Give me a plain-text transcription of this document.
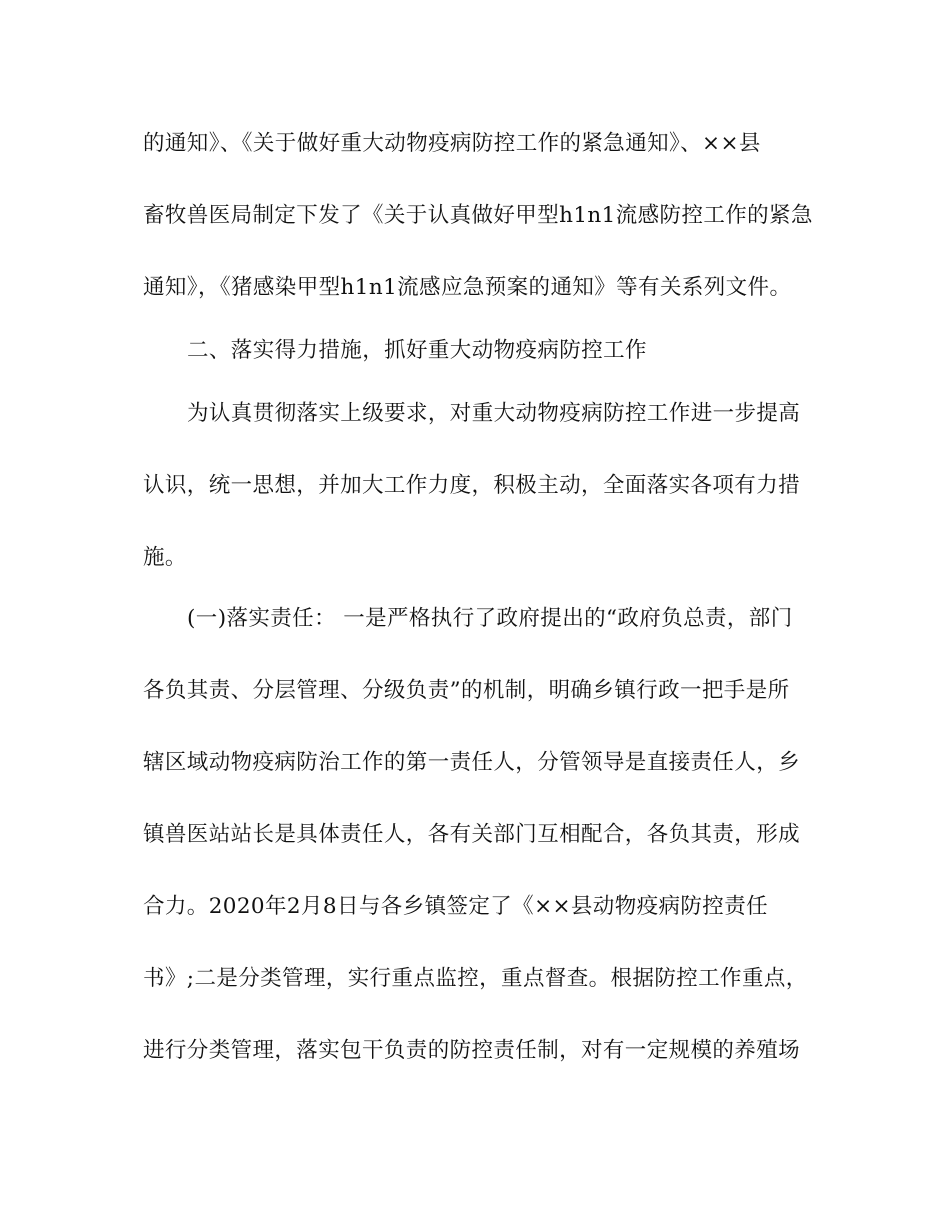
的通知》、《关于做好重大动物疫病防控工作的紧急通知》、××县
畜牧兽医局制定下发了《关于认真做好甲型h1n1流感防控工作的紧急
通知》，《猪感染甲型h1n1流感应急预案的通知》等有关系列文件。
二、落实得力措施，抓好重大动物疫病防控工作
为认真贯彻落实上级要求，对重大动物疫病防控工作进一步提高
认识，统一思想，并加大工作力度，积极主动，全面落实各项有力措
施。
(一)落实责任： 一是严格执行了政府提出的“政府负总责，部门
各负其责、分层管理、分级负责”的机制，明确乡镇行政一把手是所
辖区域动物疫病防治工作的第一责任人，分管领导是直接责任人，乡
镇兽医站站长是具体责任人，各有关部门互相配合，各负其责，形成
合力。2020年2月8日与各乡镇签定了《××县动物疫病防控责任
书》;二是分类管理，实行重点监控，重点督查。根据防控工作重点，
进行分类管理，落实包干负责的防控责任制，对有一定规模的养殖场
